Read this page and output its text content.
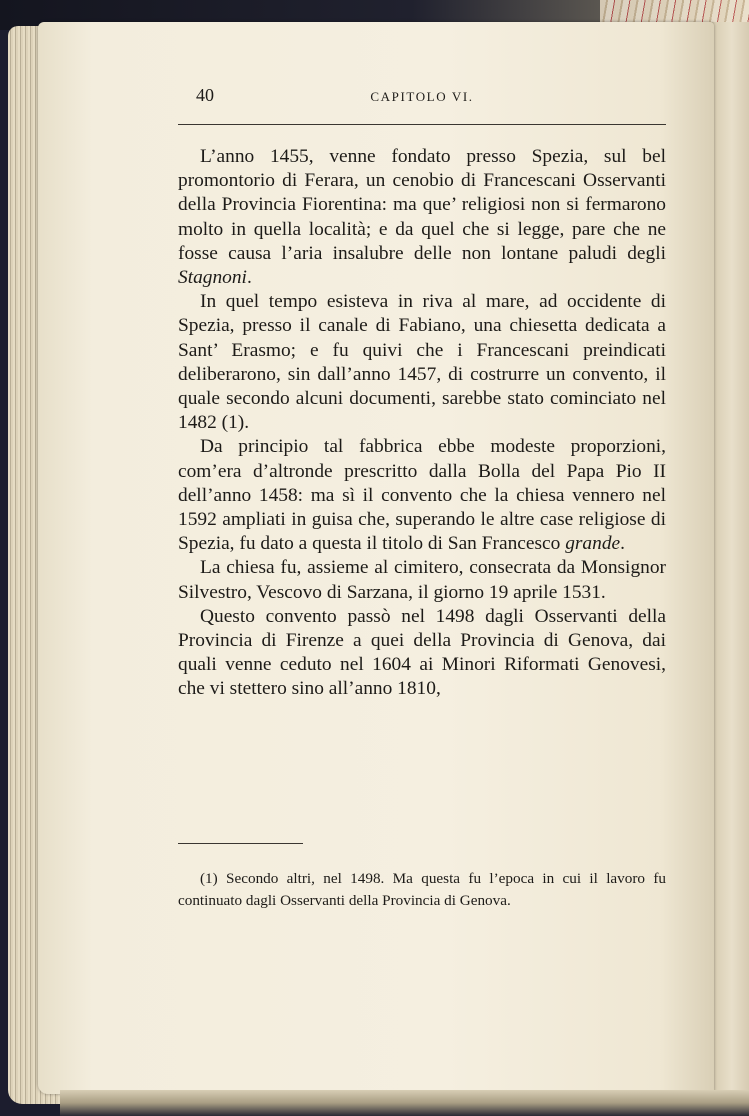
40	CAPITOLO VI.

L’anno 1455, venne fondato presso Spezia, sul bel promontorio di Ferara, un cenobio di Francescani Osservanti della Provincia Fiorentina: ma que’ religiosi non si fermarono molto in quella località; e da quel che si legge, pare che ne fosse causa l’aria insalubre delle non lontane paludi degli Stagnoni.

In quel tempo esisteva in riva al mare, ad occidente di Spezia, presso il canale di Fabiano, una chiesetta dedicata a Sant’ Erasmo; e fu quivi che i Francescani preindicati deliberarono, sin dall’anno 1457, di costrurre un convento, il quale secondo alcuni documenti, sarebbe stato cominciato nel 1482 (1).

Da principio tal fabbrica ebbe modeste proporzioni, com’era d’altronde prescritto dalla Bolla del Papa Pio II dell’anno 1458: ma sì il convento che la chiesa vennero nel 1592 ampliati in guisa che, superando le altre case religiose di Spezia, fu dato a questa il titolo di San Francesco grande.

La chiesa fu, assieme al cimitero, consecrata da Monsignor Silvestro, Vescovo di Sarzana, il giorno 19 aprile 1531.

Questo convento passò nel 1498 dagli Osservanti della Provincia di Firenze a quei della Provincia di Genova, dai quali venne ceduto nel 1604 ai Minori Riformati Genovesi, che vi stettero sino all’anno 1810,

(1) Secondo altri, nel 1498. Ma questa fu l’epoca in cui il lavoro fu continuato dagli Osservanti della Provincia di Genova.
